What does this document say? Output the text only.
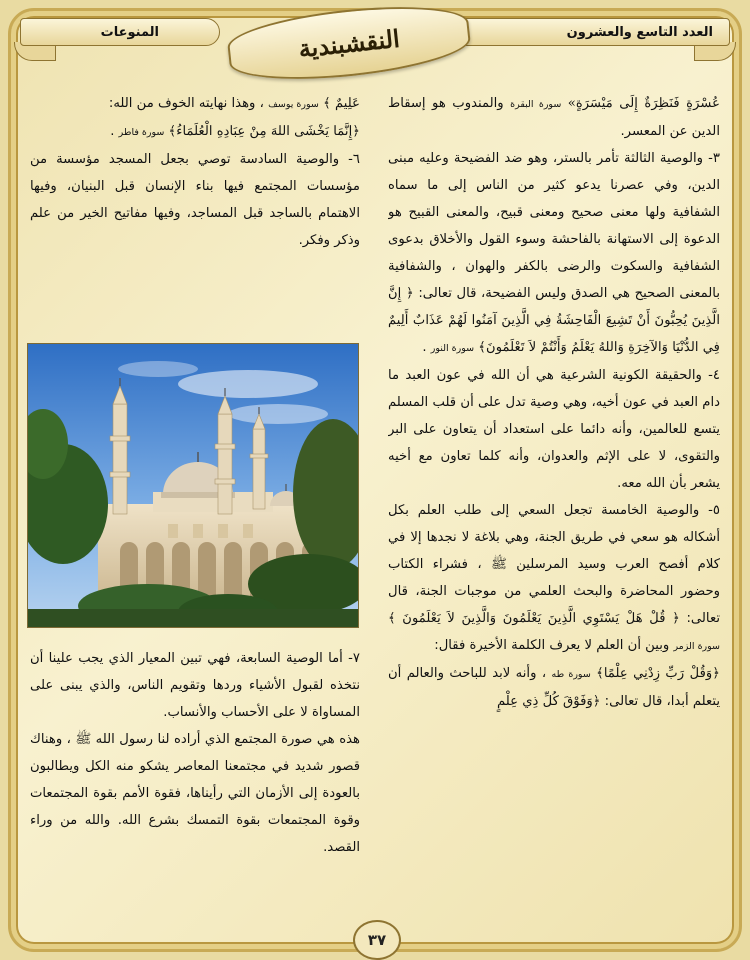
المنوعات	العدد التاسع والعشرون
النقشبندية

عُسْرَةٍ فَنَظِرَةٌ إِلَى مَيْسَرَةٍ» سورة البقرة والمندوب هو إسقاط الدين عن المعسر.

٣- والوصية الثالثة تأمر بالستر، وهو ضد الفضيحة وعليه مبنى الدين، وفي عصرنا يدعو كثير من الناس إلى ما سماه الشفافية ولها معنى صحيح ومعنى قبيح، والمعنى القبيح هو الدعوة إلى الاستهانة بالفاحشة وسوء القول والأخلاق بدعوى الشفافية والسكوت والرضى بالكفر والهوان ، والشفافية بالمعنى الصحيح هي الصدق وليس الفضيحة، قال تعالى: ﴿ إِنَّ الَّذِينَ يُحِبُّونَ أَنْ تَشِيعَ الْفَاحِشَةُ فِي الَّذِينَ آمَنُوا لَهُمْ عَذَابٌ أَلِيمٌ فِي الدُّنْيَا وَالآخِرَةِ وَاللهُ يَعْلَمُ وَأَنْتُمْ لاَ تَعْلَمُونَ﴾ سورة النور .

٤- والحقيقة الكونية الشرعية هي أن الله في عون العبد ما دام العبد في عون أخيه، وهي وصية تدل على أن قلب المسلم يتسع للعالمين، وأنه دائما على استعداد أن يتعاون على البر والتقوى، لا على الإثم والعدوان، وأنه كلما تعاون مع أخيه يشعر بأن الله معه.

٥- والوصية الخامسة تجعل السعي إلى طلب العلم بكل أشكاله هو سعي في طريق الجنة، وهي بلاغة لا نجدها إلا في كلام أفصح العرب وسيد المرسلين ﷺ ، فشراء الكتاب وحضور المحاضرة والبحث العلمي من موجبات الجنة، قال تعالى: ﴿ قُلْ هَلْ يَسْتَوِي الَّذِينَ يَعْلَمُونَ وَالَّذِينَ لاَ يَعْلَمُونَ ﴾ سورة الزمر وبين أن العلم لا يعرف الكلمة الأخيرة فقال:

﴿وَقُلْ رَبِّ زِدْنِي عِلْمًا﴾ سورة طه ، وأنه لابد للباحث والعالم أن يتعلم أبدا، قال تعالى: ﴿وَفَوْقَ كُلِّ ذِي عِلْمٍ

عَلِيمٌ ﴾ سورة يوسف ، وهذا نهايته الخوف من الله:

﴿إِنَّمَا يَخْشَى اللهَ مِنْ عِبَادِهِ الْعُلَمَاءُ﴾ سورة فاطر .

٦- والوصية السادسة توصي بجعل المسجد مؤسسة من مؤسسات المجتمع فيها بناء الإنسان قبل البنيان، وفيها الاهتمام بالساجد قبل المساجد، وفيها مفاتيح الخير من علم وذكر وفكر.

٧- أما الوصية السابعة، فهي تبين المعيار الذي يجب علينا أن نتخذه لقبول الأشياء وردها وتقويم الناس، والذي يبنى على المساواة لا على الأحساب والأنساب.

هذه هي صورة المجتمع الذي أراده لنا رسول الله ﷺ ، وهناك قصور شديد في مجتمعنا المعاصر يشكو منه الكل ويطالبون بالعودة إلى الأزمان التي رأيناها، فقوة الأمم بقوة المجتمعات وقوة المجتمعات بقوة التمسك بشرع الله. والله من وراء القصد.

٣٧
